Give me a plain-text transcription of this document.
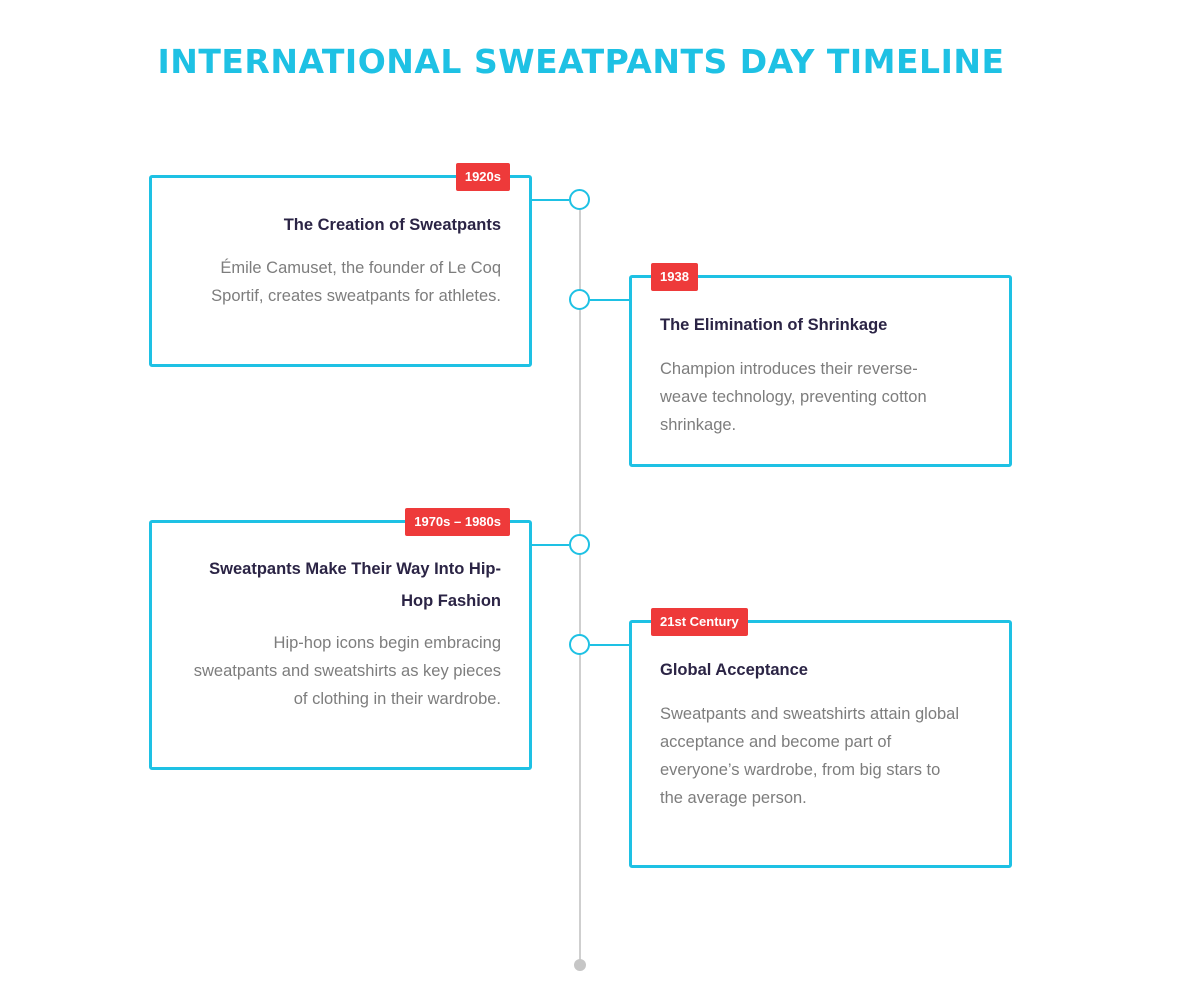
INTERNATIONAL SWEATPANTS DAY TIMELINE
1920s
The Creation of Sweatpants

Émile Camuset, the founder of Le Coq Sportif, creates sweatpants for athletes.

1938
The Elimination of Shrinkage

Champion introduces their reverse-weave technology, preventing cotton shrinkage.

1970s – 1980s
Sweatpants Make Their Way Into Hip-Hop Fashion

Hip-hop icons begin embracing sweatpants and sweatshirts as key pieces of clothing in their wardrobe.

21st Century
Global Acceptance

Sweatpants and sweatshirts attain global acceptance and become part of everyone’s wardrobe, from big stars to the average person.
